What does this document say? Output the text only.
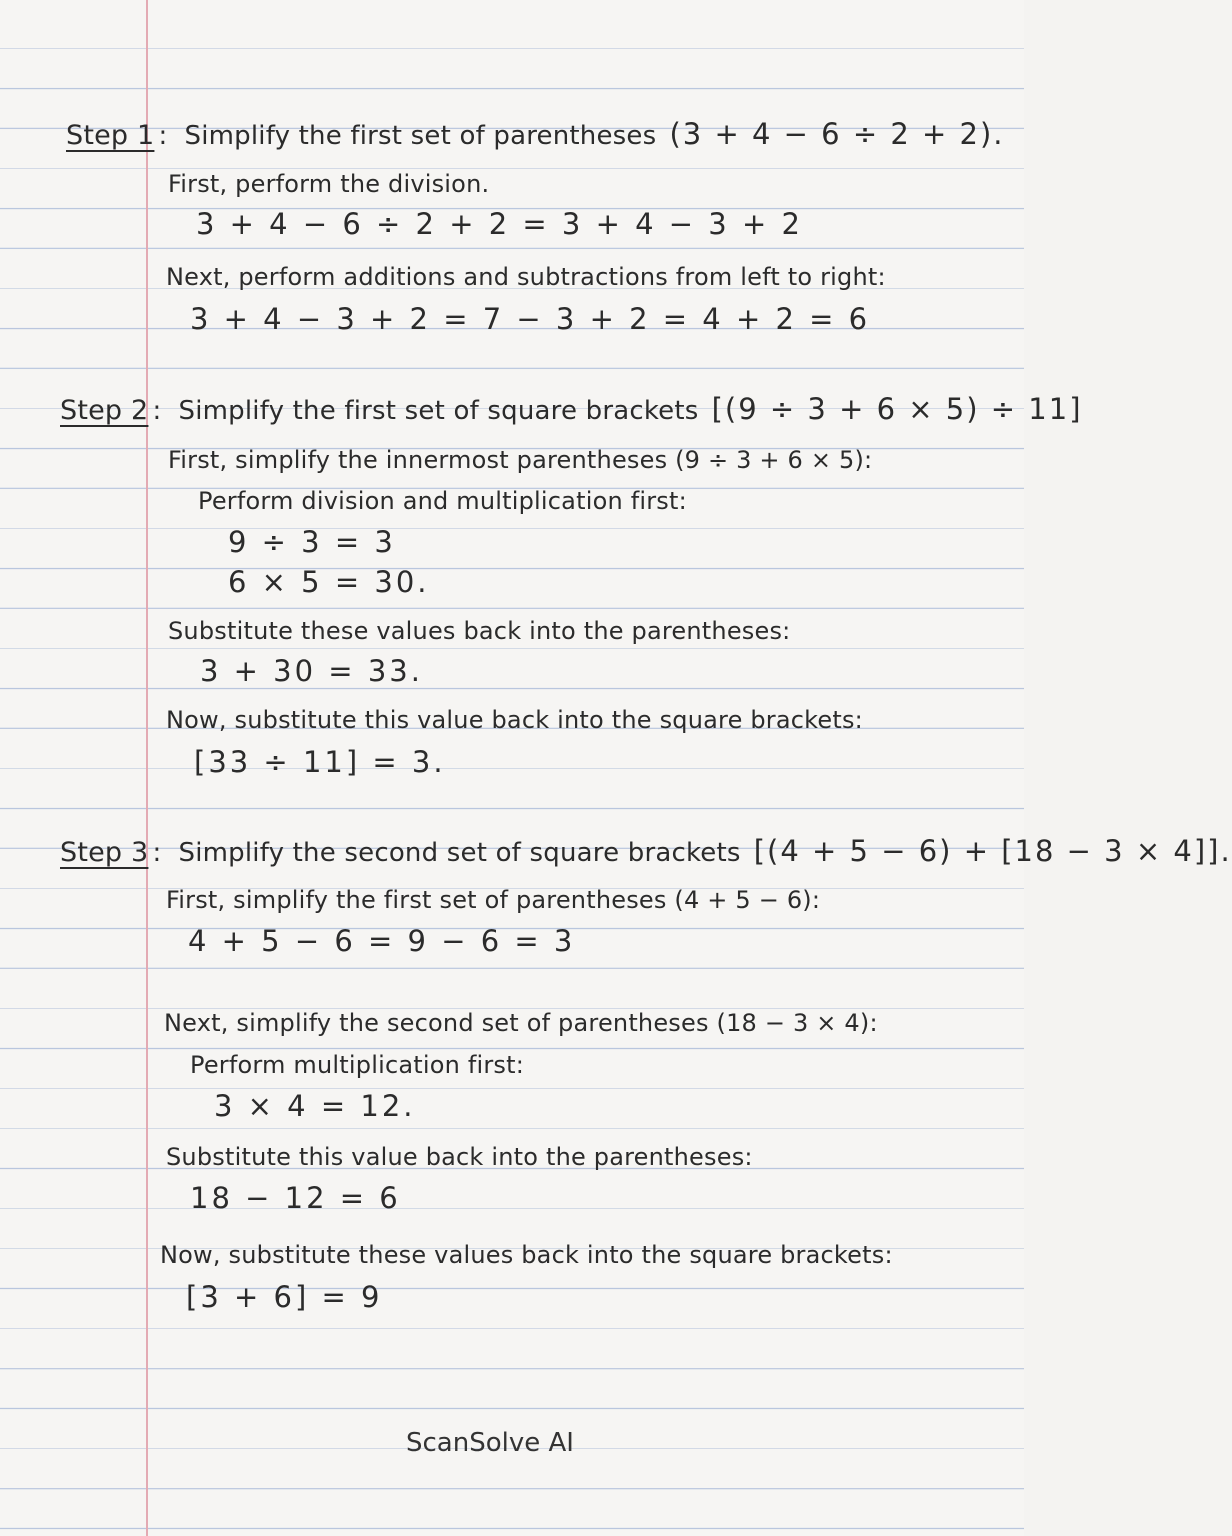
Step 1 : Simplify the first set of parentheses (3 + 4 − 6 ÷ 2 + 2).
First, perform the division.
3 + 4 − 6 ÷ 2 + 2 = 3 + 4 − 3 + 2
Next, perform additions and subtractions from left to right:
3 + 4 − 3 + 2 = 7 − 3 + 2 = 4 + 2 = 6
Step 2 : Simplify the first set of square brackets [(9 ÷ 3 + 6 × 5) ÷ 11]
First, simplify the innermost parentheses (9 ÷ 3 + 6 × 5):
Perform division and multiplication first:
9 ÷ 3 = 3
6 × 5 = 30.
Substitute these values back into the parentheses:
3 + 30 = 33.
Now, substitute this value back into the square brackets:
[33 ÷ 11] = 3.
Step 3 : Simplify the second set of square brackets [(4 + 5 − 6) + [18 − 3 × 4]].
First, simplify the first set of parentheses (4 + 5 − 6):
4 + 5 − 6 = 9 − 6 = 3
Next, simplify the second set of parentheses (18 − 3 × 4):
Perform multiplication first:
3 × 4 = 12.
Substitute this value back into the parentheses:
18 − 12 = 6
Now, substitute these values back into the square brackets:
[3 + 6] = 9
ScanSolve AI
